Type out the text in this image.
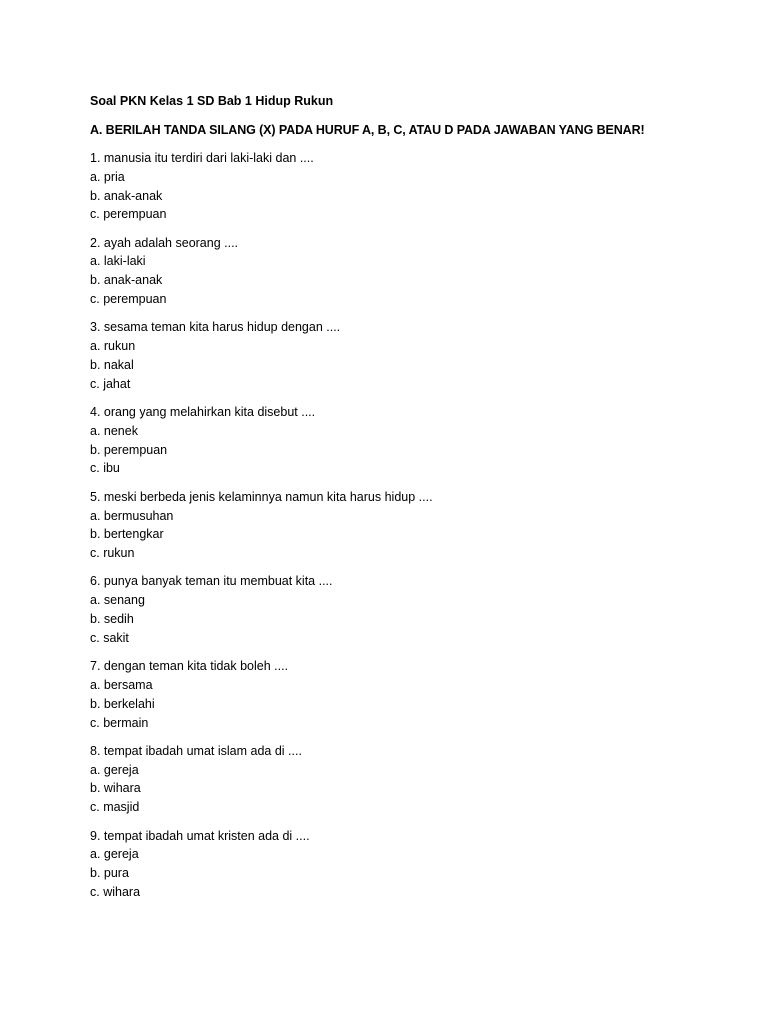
Soal PKN Kelas 1 SD Bab 1 Hidup Rukun

A. BERILAH TANDA SILANG (X) PADA HURUF A, B, C, ATAU D PADA JAWABAN YANG BENAR!

1. manusia itu terdiri dari laki-laki dan ....

a. pria

b. anak-anak

c. perempuan

2. ayah adalah seorang ....

a. laki-laki

b. anak-anak

c. perempuan

3. sesama teman kita harus hidup dengan ....

a. rukun

b. nakal

c. jahat

4. orang yang melahirkan kita disebut ....

a. nenek

b. perempuan

c. ibu

5. meski berbeda jenis kelaminnya namun kita harus hidup ....

a. bermusuhan

b. bertengkar

c. rukun

6. punya banyak teman itu membuat kita ....

a. senang

b. sedih

c. sakit

7. dengan teman kita tidak boleh ....

a. bersama

b. berkelahi

c. bermain

8. tempat ibadah umat islam ada di ....

a. gereja

b. wihara

c. masjid

9. tempat ibadah umat kristen ada di ....

a. gereja

b. pura

c. wihara
